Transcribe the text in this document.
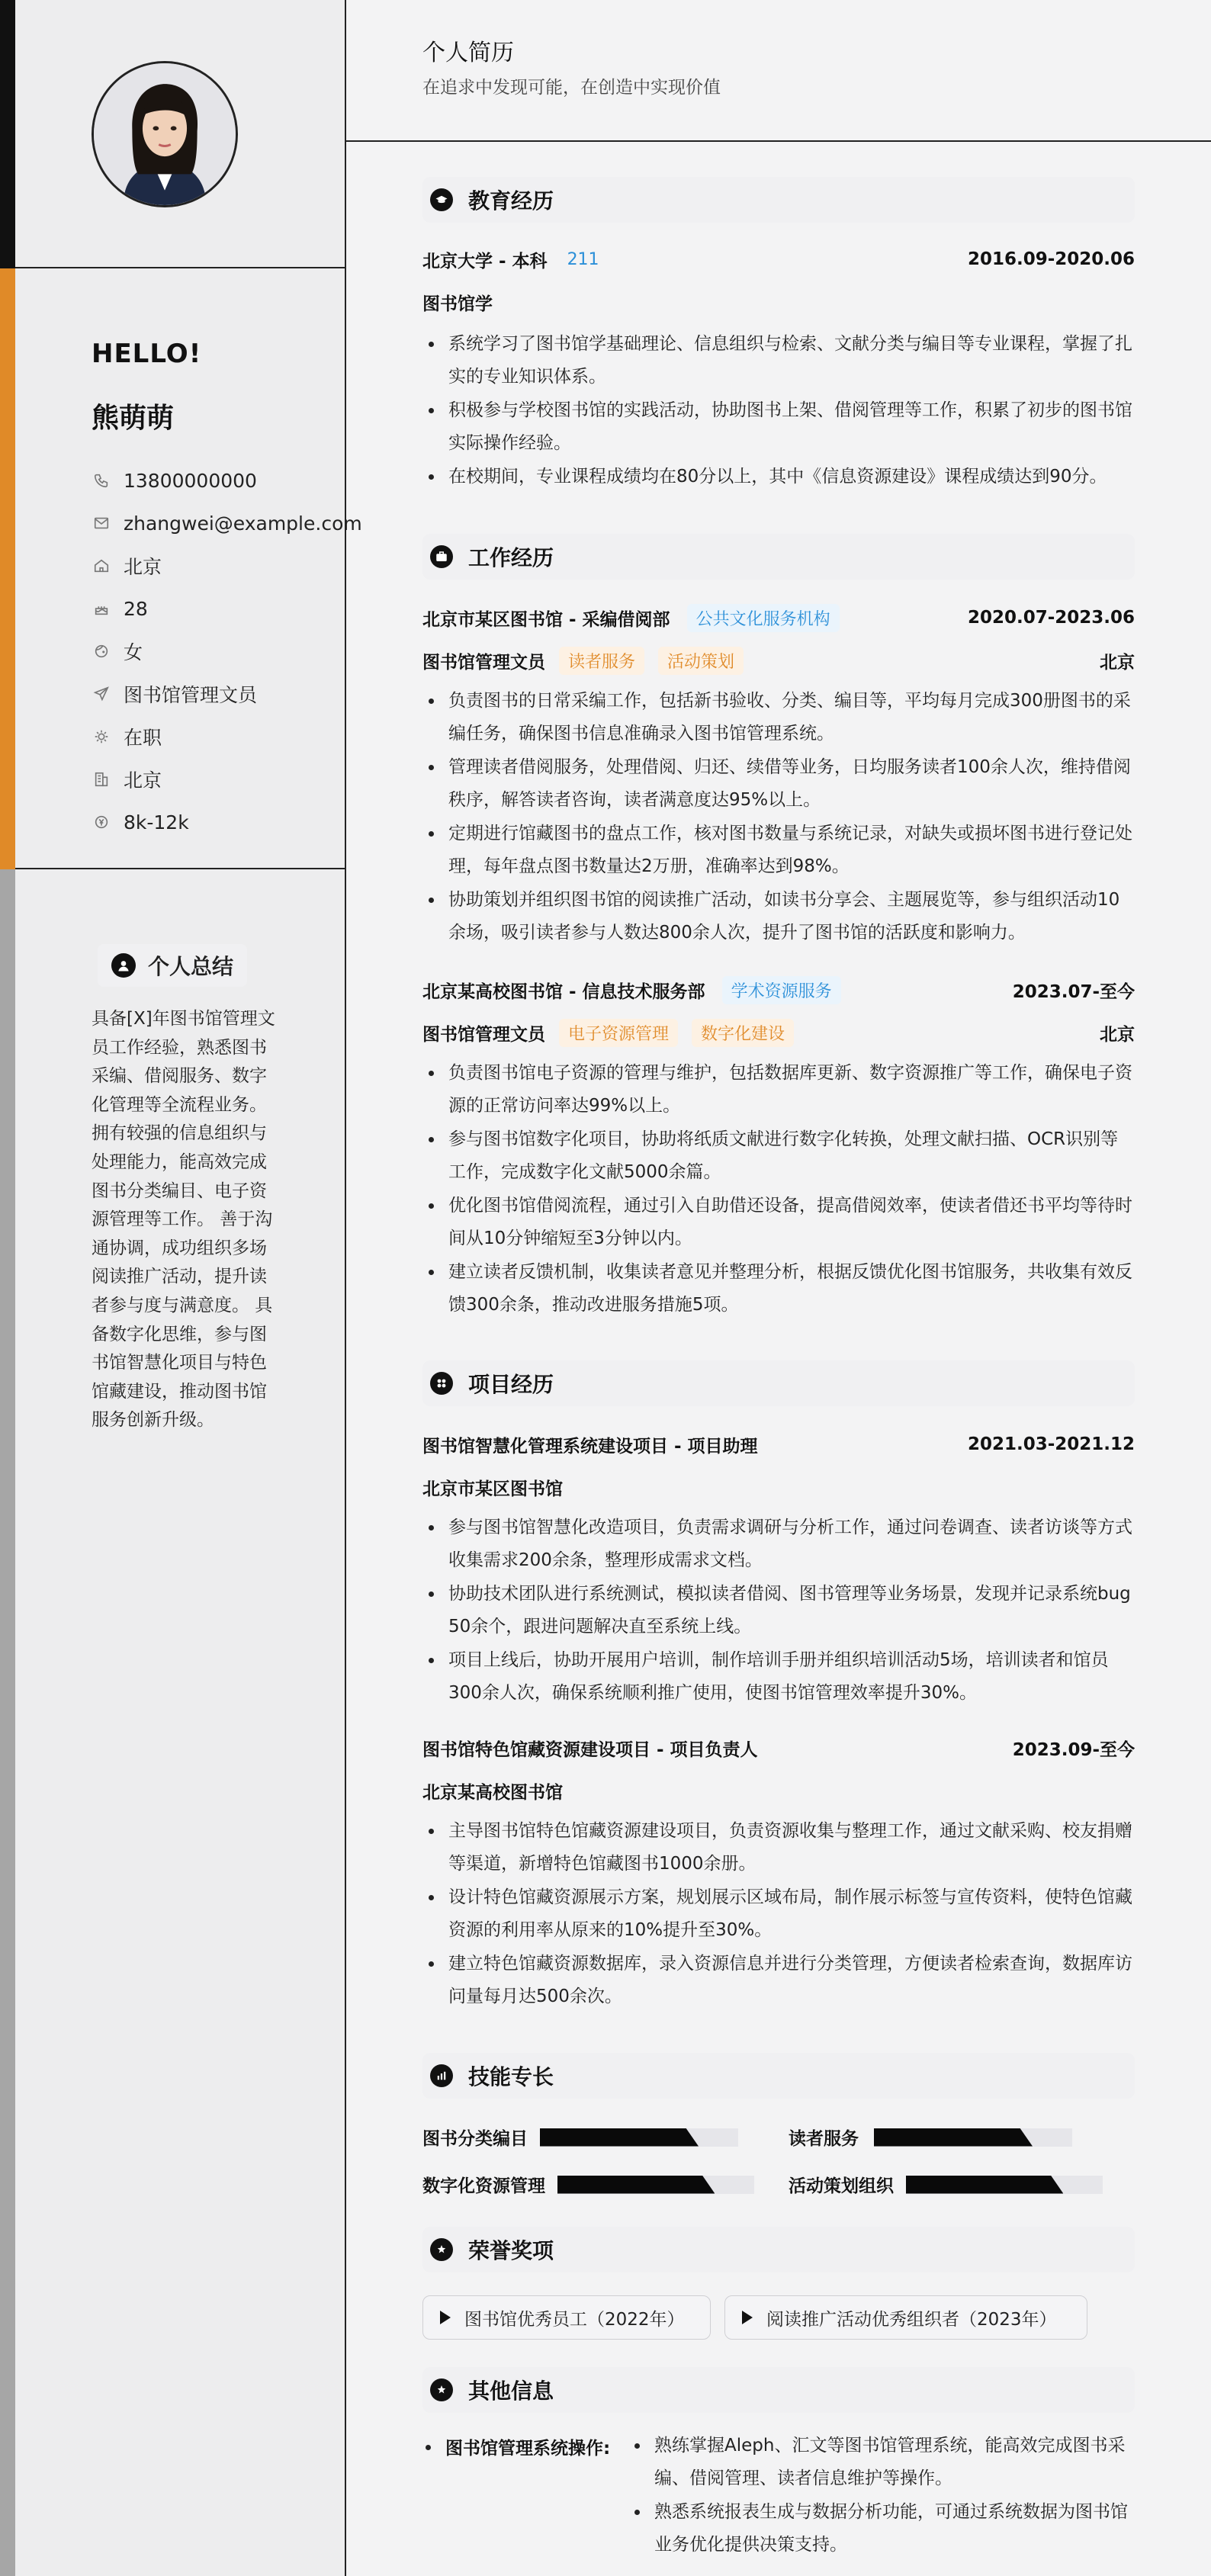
HELLO!
熊萌萌
13800000000
zhangwei@example.com
北京
28
女
图书馆管理文员
在职
北京
8k-12k
个人总结
具备[X]年图书馆管理文员工作经验，熟悉图书采编、借阅服务、数字化管理等全流程业务。 拥有较强的信息组织与处理能力，能高效完成图书分类编目、电子资源管理等工作。 善于沟通协调，成功组织多场阅读推广活动，提升读者参与度与满意度。 具备数字化思维，参与图书馆智慧化项目与特色馆藏建设，推动图书馆服务创新升级。
个人简历
在追求中发现可能，在创造中实现价值
教育经历
北京大学 - 本科 211	2016.09-2020.06
图书馆学
系统学习了图书馆学基础理论、信息组织与检索、文献分类与编目等专业课程，掌握了扎实的专业知识体系。
积极参与学校图书馆的实践活动，协助图书上架、借阅管理等工作，积累了初步的图书馆实际操作经验。
在校期间，专业课程成绩均在80分以上，其中《信息资源建设》课程成绩达到90分。
工作经历
北京市某区图书馆 - 采编借阅部	公共文化服务机构	2020.07-2023.06
图书馆管理文员	读者服务	活动策划	北京
负责图书的日常采编工作，包括新书验收、分类、编目等，平均每月完成300册图书的采编任务，确保图书信息准确录入图书馆管理系统。
管理读者借阅服务，处理借阅、归还、续借等业务，日均服务读者100余人次，维持借阅秩序，解答读者咨询，读者满意度达95%以上。
定期进行馆藏图书的盘点工作，核对图书数量与系统记录，对缺失或损坏图书进行登记处理，每年盘点图书数量达2万册，准确率达到98%。
协助策划并组织图书馆的阅读推广活动，如读书分享会、主题展览等，参与组织活动10余场，吸引读者参与人数达800余人次，提升了图书馆的活跃度和影响力。
北京某高校图书馆 - 信息技术服务部	学术资源服务	2023.07-至今
图书馆管理文员	电子资源管理	数字化建设	北京
负责图书馆电子资源的管理与维护，包括数据库更新、数字资源推广等工作，确保电子资源的正常访问率达99%以上。
参与图书馆数字化项目，协助将纸质文献进行数字化转换，处理文献扫描、OCR识别等工作，完成数字化文献5000余篇。
优化图书馆借阅流程，通过引入自助借还设备，提高借阅效率，使读者借还书平均等待时间从10分钟缩短至3分钟以内。
建立读者反馈机制，收集读者意见并整理分析，根据反馈优化图书馆服务，共收集有效反馈300余条，推动改进服务措施5项。
项目经历
图书馆智慧化管理系统建设项目 - 项目助理	2021.03-2021.12
北京市某区图书馆
参与图书馆智慧化改造项目，负责需求调研与分析工作，通过问卷调查、读者访谈等方式收集需求200余条，整理形成需求文档。
协助技术团队进行系统测试，模拟读者借阅、图书管理等业务场景，发现并记录系统bug 50余个，跟进问题解决直至系统上线。
项目上线后，协助开展用户培训，制作培训手册并组织培训活动5场，培训读者和馆员300余人次，确保系统顺利推广使用，使图书馆管理效率提升30%。
图书馆特色馆藏资源建设项目 - 项目负责人	2023.09-至今
北京某高校图书馆
主导图书馆特色馆藏资源建设项目，负责资源收集与整理工作，通过文献采购、校友捐赠等渠道，新增特色馆藏图书1000余册。
设计特色馆藏资源展示方案，规划展示区域布局，制作展示标签与宣传资料，使特色馆藏资源的利用率从原来的10%提升至30%。
建立特色馆藏资源数据库，录入资源信息并进行分类管理，方便读者检索查询，数据库访问量每月达500余次。
技能专长
图书分类编目	读者服务
数字化资源管理	活动策划组织
荣誉奖项
图书馆优秀员工（2022年）	阅读推广活动优秀组织者（2023年）
其他信息
图书馆管理系统操作:	熟练掌握Aleph、汇文等图书馆管理系统，能高效完成图书采编、借阅管理、读者信息维护等操作。
熟悉系统报表生成与数据分析功能，可通过系统数据为图书馆业务优化提供决策支持。
